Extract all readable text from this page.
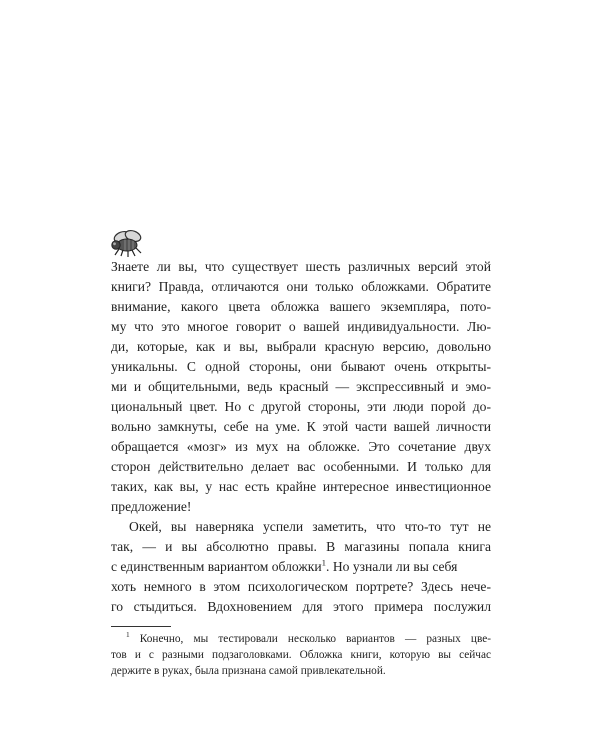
Знаете ли вы, что существует шесть различных версий этой
книги? Правда, отличаются они только обложками. Обратите
внимание, какого цвета обложка вашего экземпляра, пото-
му что это многое говорит о вашей индивидуальности. Лю-
ди, которые, как и вы, выбрали красную версию, довольно
уникальны. С одной стороны, они бывают очень открыты-
ми и общительными, ведь красный — экспрессивный и эмо-
циональный цвет. Но с другой стороны, эти люди порой до-
вольно замкнуты, себе на уме. К этой части вашей личности
обращается «мозг» из мух на обложке. Это сочетание двух
сторон действительно делает вас особенными. И только для
таких, как вы, у нас есть крайне интересное инвестиционное
предложение!
Окей, вы наверняка успели заметить, что что-то тут не
так, — и вы абсолютно правы. В магазины попала книга
с единственным вариантом обложки$^1$. Но узнали ли вы себя
хоть немного в этом психологическом портрете? Здесь нече-
го стыдиться. Вдохновением для этого примера послужил
$^1$ Конечно, мы тестировали несколько вариантов — разных цве-
тов и с разными подзаголовками. Обложка книги, которую вы сейчас
держите в руках, была признана самой привлекательной.
